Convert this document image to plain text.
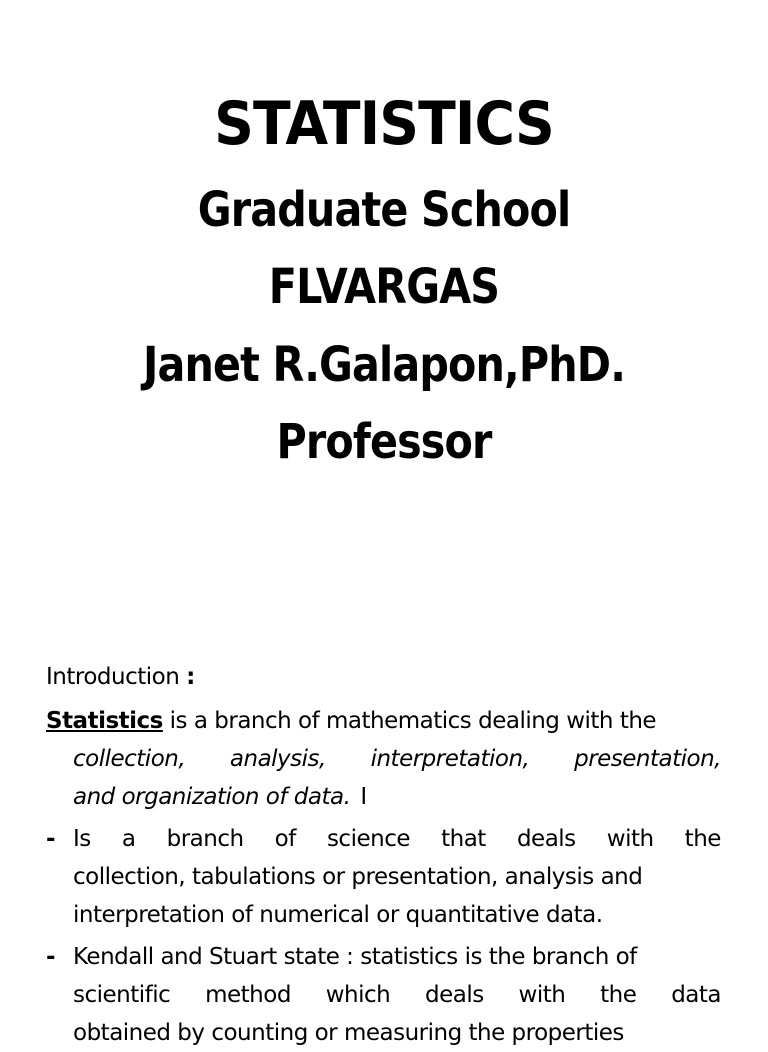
STATISTICS
Graduate School
FLVARGAS
Janet R.Galapon,PhD.
Professor
Introduction :
Statistics is a branch of mathematics dealing with the
collection, analysis, interpretation, presentation,
and organization of data. I
- Is a branch of science that deals with the
collection, tabulations or presentation, analysis and
interpretation of numerical or quantitative data.
- Kendall and Stuart state : statistics is the branch of
scientific method which deals with the data
obtained by counting or measuring the properties
